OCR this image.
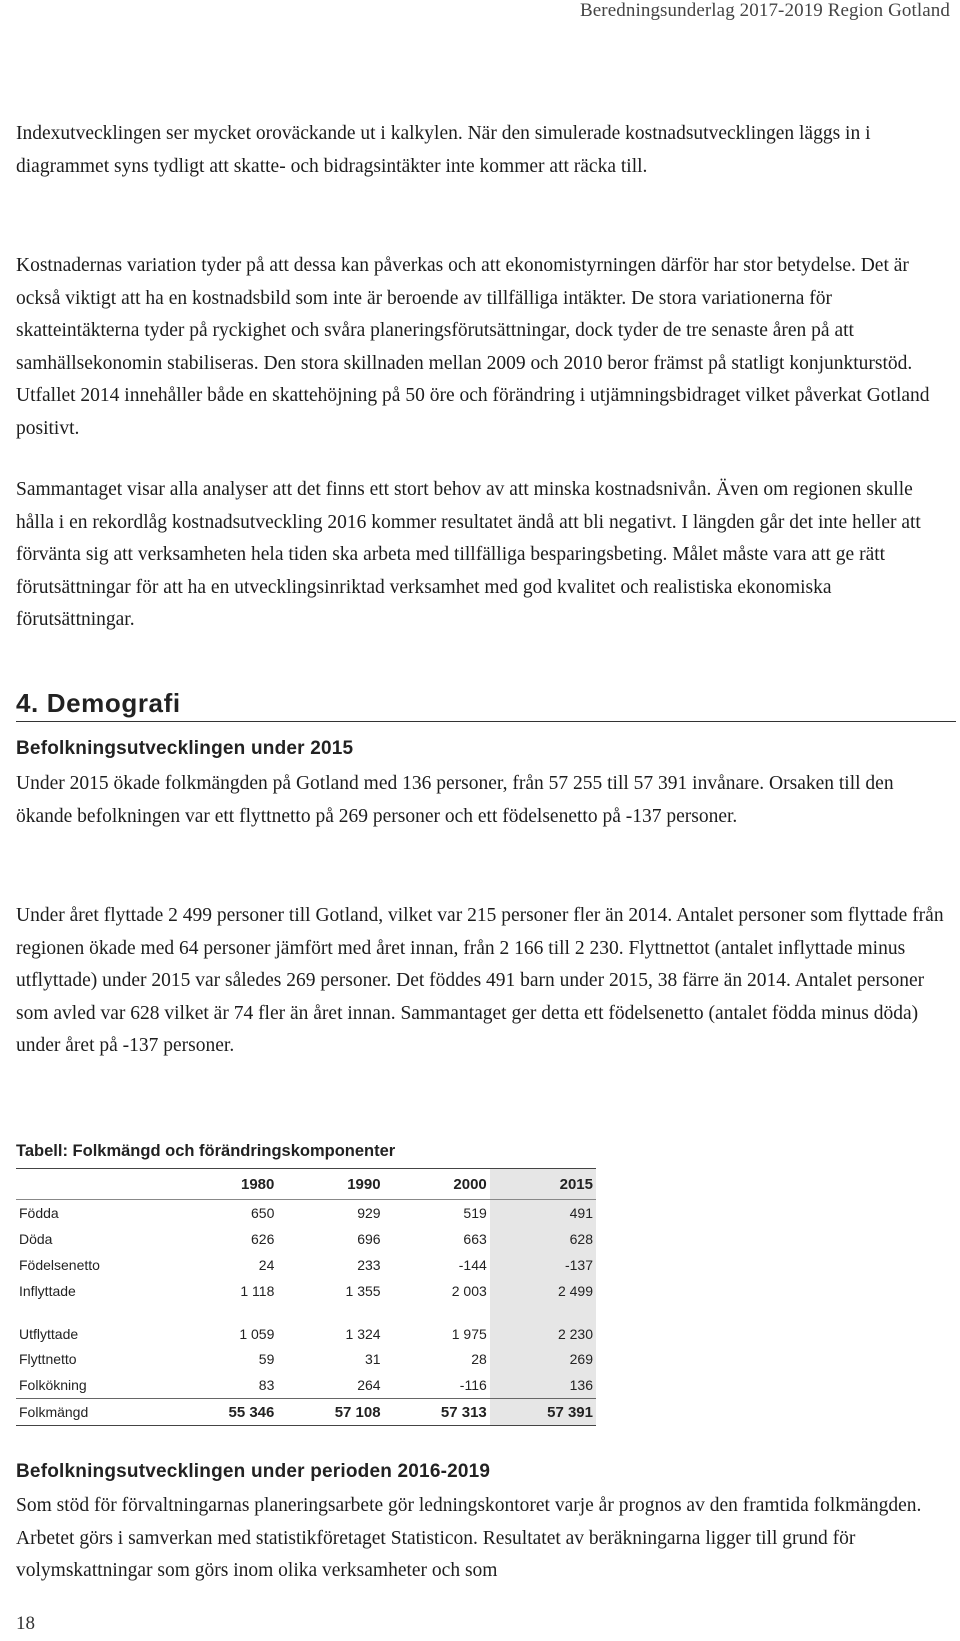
Beredningsunderlag 2017-2019 Region Gotland

Indexutvecklingen ser mycket oroväckande ut i kalkylen. När den simulerade kostnadsutvecklingen läggs in i diagrammet syns tydligt att skatte- och bidragsintäkter inte kommer att räcka till.

Kostnadernas variation tyder på att dessa kan påverkas och att ekonomistyrningen därför har stor betydelse. Det är också viktigt att ha en kostnadsbild som inte är beroende av tillfälliga intäkter. De stora variationerna för skatteintäkterna tyder på ryckighet och svåra planeringsförutsättningar, dock tyder de tre senaste åren på att samhällsekonomin stabiliseras. Den stora skillnaden mellan 2009 och 2010 beror främst på statligt konjunkturstöd. Utfallet 2014 innehåller både en skattehöjning på 50 öre och förändring i utjämningsbidraget vilket påverkat Gotland positivt.

Sammantaget visar alla analyser att det finns ett stort behov av att minska kostnadsnivån. Även om regionen skulle hålla i en rekordlåg kostnadsutveckling 2016 kommer resultatet ändå att bli negativt. I längden går det inte heller att förvänta sig att verksamheten hela tiden ska arbeta med tillfälliga besparingsbeting. Målet måste vara att ge rätt förutsättningar för att ha en utvecklingsinriktad verksamhet med god kvalitet och realistiska ekonomiska förutsättningar.

4. Demografi
Befolkningsutvecklingen under 2015

Under 2015 ökade folkmängden på Gotland med 136 personer, från 57 255 till 57 391 invånare. Orsaken till den ökande befolkningen var ett flyttnetto på 269 personer och ett födelsenetto på -137 personer.

Under året flyttade 2 499 personer till Gotland, vilket var 215 personer fler än 2014. Antalet personer som flyttade från regionen ökade med 64 personer jämfört med året innan, från 2 166 till 2 230. Flyttnettot (antalet inflyttade minus utflyttade) under 2015 var således 269 personer. Det föddes 491 barn under 2015, 38 färre än 2014. Antalet personer som avled var 628 vilket är 74 fler än året innan. Sammantaget ger detta ett födelsenetto (antalet födda minus döda) under året på -137 personer.

Tabell: Folkmängd och förändringskomponenter
	1980	1990	2000	2015
Födda	650	929	519	491
Döda	626	696	663	628
Födelsenetto	24	233	-144	-137
Inflyttade	1 118	1 355	2 003	2 499
Utflyttade	1 059	1 324	1 975	2 230
Flyttnetto	59	31	28	269
Folkökning	83	264	-116	136
Folkmängd	55 346	57 108	57 313	57 391
Befolkningsutvecklingen under perioden 2016-2019

Som stöd för förvaltningarnas planeringsarbete gör ledningskontoret varje år prognos av den framtida folkmängden. Arbetet görs i samverkan med statistikföretaget Statisticon. Resultatet av beräkningarna ligger till grund för volymskattningar som görs inom olika verksamheter och som

18
